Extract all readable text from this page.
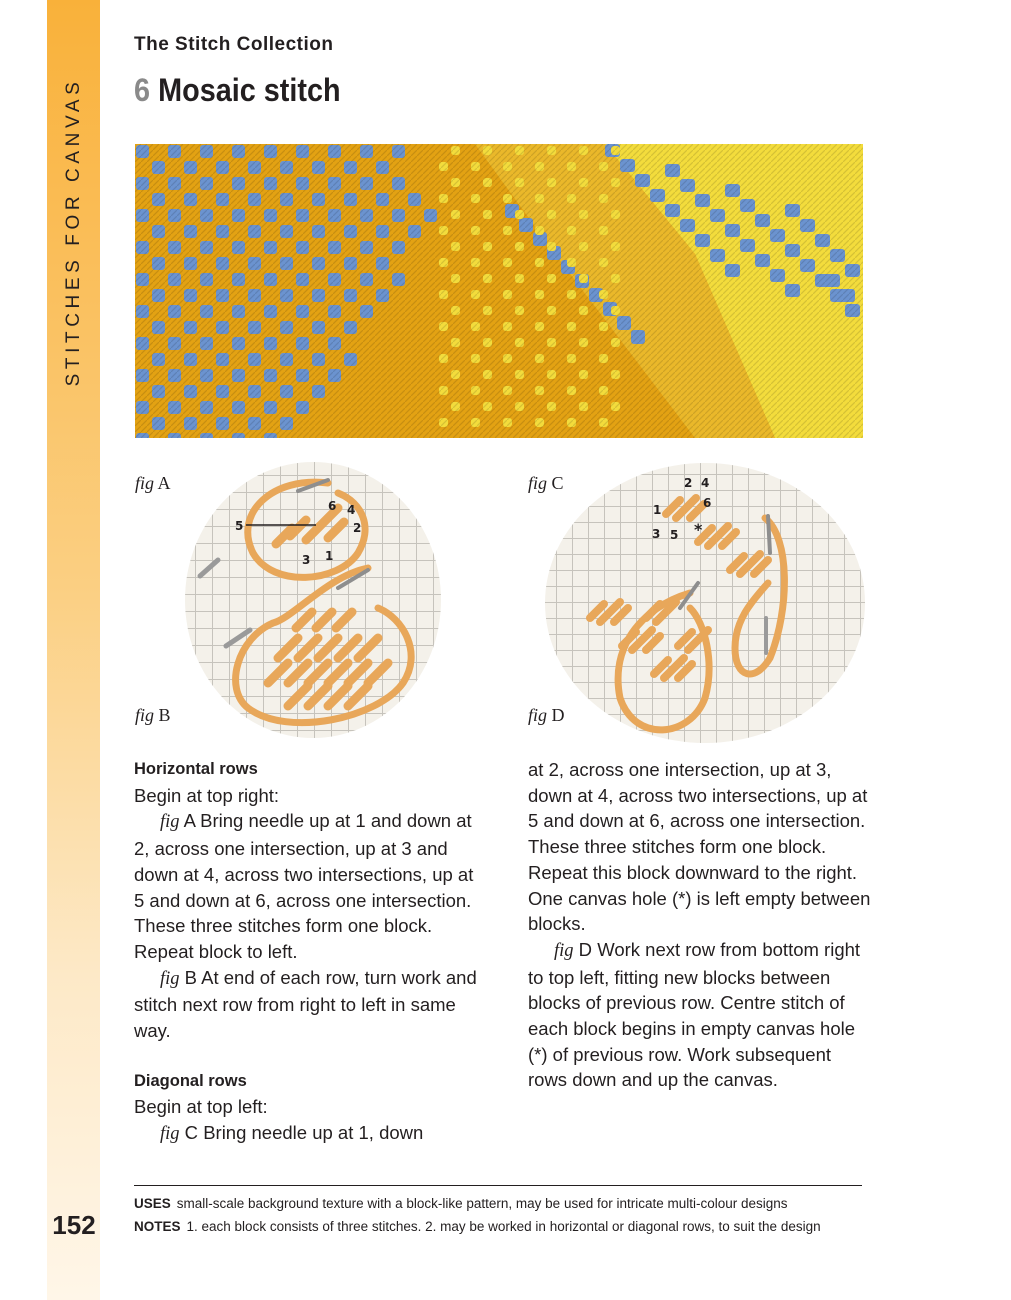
STITCHES FOR CANVAS
The Stitch Collection
6 Mosaic stitch
fig A
fig B
fig C
fig D
6 4
5	2
3 1
2 4
6
1
3 5 *

Horizontal rows

Begin at top right:

fig A Bring needle up at 1 and down at 2, across one intersection, up at 3 and down at 4, across two intersections, up at 5 and down at 6, across one intersection. These three stitches form one block. Repeat block to left.

fig B At end of each row, turn work and stitch next row from right to left in same way.

Diagonal rows

Begin at top left:

fig C Bring needle up at 1, down

at 2, across one intersection, up at 3, down at 4, across two intersections, up at 5 and down at 6, across one intersection. These three stitches form one block. Repeat this block downward to the right. One canvas hole (*) is left empty between blocks.

fig D Work next row from bottom right to top left, fitting new blocks between blocks of previous row. Centre stitch of each block begins in empty canvas hole (*) of previous row. Work subsequent rows down and up the canvas.

USES small-scale background texture with a block-like pattern, may be used for intricate multi-colour designs
NOTES 1. each block consists of three stitches. 2. may be worked in horizontal or diagonal rows, to suit the design
152
